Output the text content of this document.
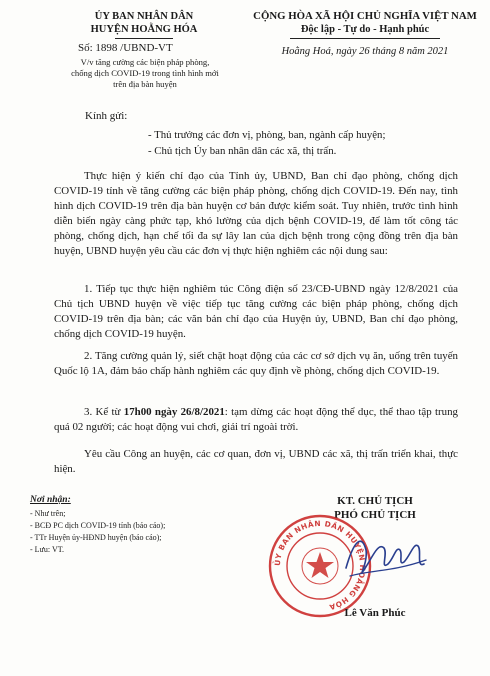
ỦY BAN NHÂN DÂN
HUYỆN HOẰNG HÓA
CỘNG HÒA XÃ HỘI CHỦ NGHĨA VIỆT NAM
Độc lập - Tự do - Hạnh phúc
Số: 1898 /UBND-VT
V/v tăng cường các biện pháp phòng,
chống dịch COVID-19 trong tình hình mới
trên địa bàn huyện
Hoằng Hoá, ngày 26 tháng 8 năm 2021
Kính gửi:
- Thủ trưởng các đơn vị, phòng, ban, ngành cấp huyện;
- Chủ tịch Ủy ban nhân dân các xã, thị trấn.

Thực hiện ý kiến chỉ đạo của Tỉnh ủy, UBND, Ban chỉ đạo phòng, chống dịch COVID-19 tỉnh về tăng cường các biện pháp phòng, chống dịch COVID-19. Đến nay, tình hình dịch COVID-19 trên địa bàn huyện cơ bản được kiểm soát. Tuy nhiên, trước tình hình diễn biến ngày càng phức tạp, khó lường của dịch bệnh COVID-19, để làm tốt công tác phòng, chống dịch, hạn chế tối đa sự lây lan của dịch bệnh trong cộng đồng trên địa bàn huyện, UBND huyện yêu cầu các đơn vị thực hiện nghiêm các nội dung sau:

1. Tiếp tục thực hiện nghiêm túc Công điện số 23/CĐ-UBND ngày 12/8/2021 của Chủ tịch UBND huyện về việc tiếp tục tăng cường các biện pháp phòng, chống dịch COVID-19 trên địa bàn; các văn bản chỉ đạo của Huyện ủy, UBND, Ban chỉ đạo phòng, chống dịch COVID-19 huyện.

2. Tăng cường quản lý, siết chặt hoạt động của các cơ sở dịch vụ ăn, uống trên tuyến Quốc lộ 1A, đảm bảo chấp hành nghiêm các quy định về phòng, chống dịch COVID-19.

3. Kể từ 17h00 ngày 26/8/2021: tạm dừng các hoạt động thể dục, thể thao tập trung quá 02 người; các hoạt động vui chơi, giải trí ngoài trời.

Yêu cầu Công an huyện, các cơ quan, đơn vị, UBND các xã, thị trấn triển khai, thực hiện.

Nơi nhận:
- Như trên;
- BCĐ PC dịch COVID-19 tỉnh (báo cáo);
- TTr Huyện ủy-HĐND huyện (báo cáo);
- Lưu: VT.
KT. CHỦ TỊCH
PHÓ CHỦ TỊCH
ỦY BAN NHÂN DÂN HUYỆN HOẰNG HÓA
Lê Văn Phúc
